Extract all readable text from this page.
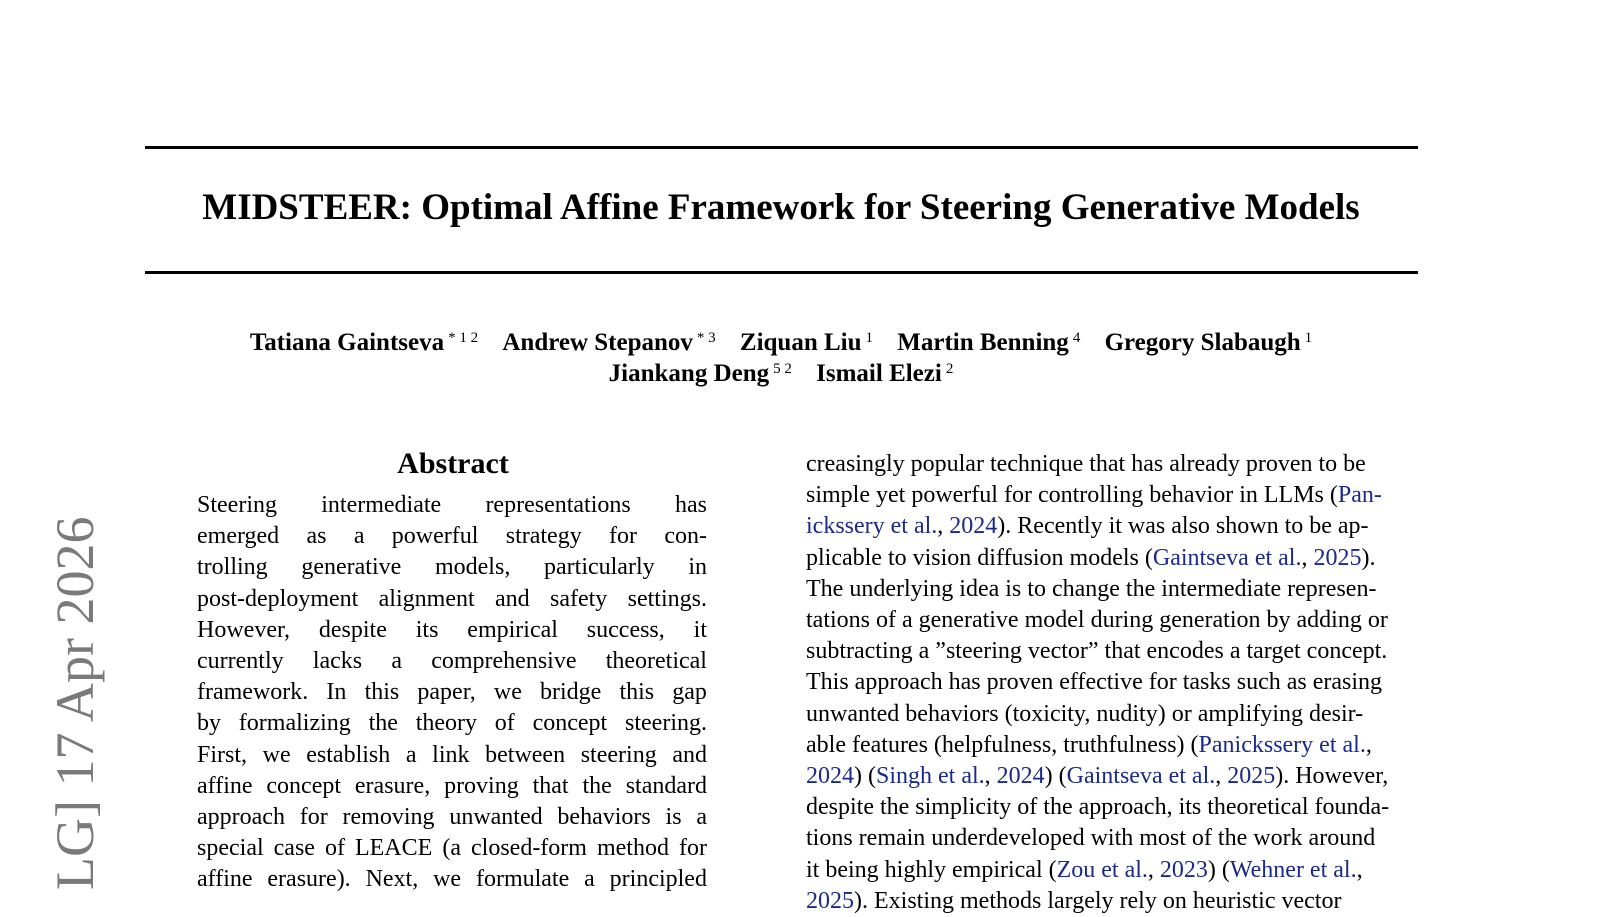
MIDSTEER: Optimal Affine Framework for Steering Generative Models
Tatiana Gaintseva $^{* 1 2}$ Andrew Stepanov $^{* 3}$ Ziquan Liu $^1$ Martin Benning $^4$ Gregory Slabaugh $^1$
Jiankang Deng $^{5 2}$ Ismail Elezi $^2$
LG] 17 Apr 2026
Abstract
Steering intermediate representations has
emerged as a powerful strategy for con-
trolling generative models, particularly in
post-deployment alignment and safety settings.
However, despite its empirical success, it
currently lacks a comprehensive theoretical
framework. In this paper, we bridge this gap
by formalizing the theory of concept steering.
First, we establish a link between steering and
affine concept erasure, proving that the standard
approach for removing unwanted behaviors is a
special case of LEACE (a closed-form method for
affine erasure). Next, we formulate a principled
creasingly popular technique that has already proven to be
simple yet powerful for controlling behavior in LLMs (Pan-
ickssery et al., 2024). Recently it was also shown to be ap-
plicable to vision diffusion models (Gaintseva et al., 2025).
The underlying idea is to change the intermediate represen-
tations of a generative model during generation by adding or
subtracting a ”steering vector” that encodes a target concept.
This approach has proven effective for tasks such as erasing
unwanted behaviors (toxicity, nudity) or amplifying desir-
able features (helpfulness, truthfulness) (Panickssery et al.,
2024) (Singh et al., 2024) (Gaintseva et al., 2025). However,
despite the simplicity of the approach, its theoretical founda-
tions remain underdeveloped with most of the work around
it being highly empirical (Zou et al., 2023) (Wehner et al.,
2025). Existing methods largely rely on heuristic vector
